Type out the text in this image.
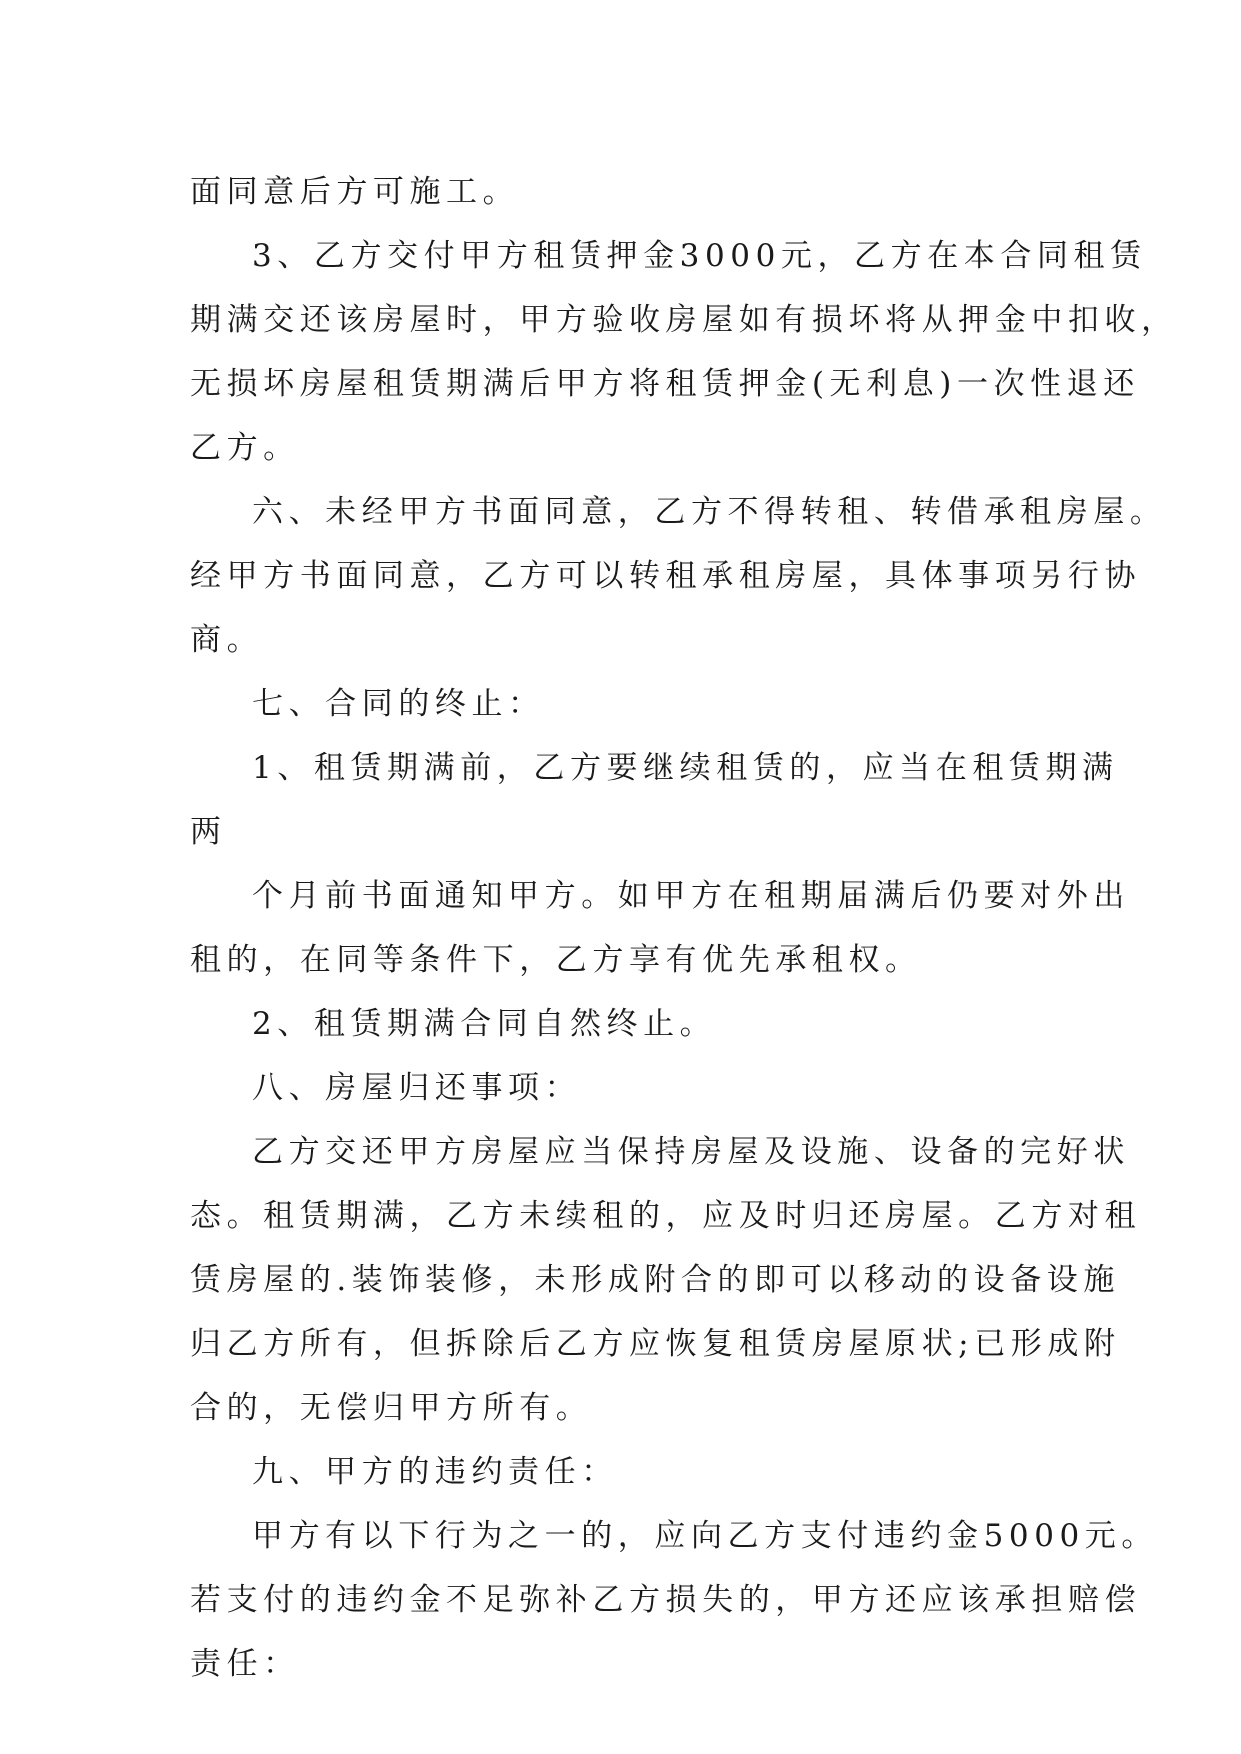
面同意后方可施工。
3、乙方交付甲方租赁押金3000元，乙方在本合同租赁
期满交还该房屋时，甲方验收房屋如有损坏将从押金中扣收，
无损坏房屋租赁期满后甲方将租赁押金(无利息)一次性退还
乙方。
六、未经甲方书面同意，乙方不得转租、转借承租房屋。
经甲方书面同意，乙方可以转租承租房屋，具体事项另行协
商。
七、合同的终止：
1、租赁期满前，乙方要继续租赁的，应当在租赁期满
两
个月前书面通知甲方。如甲方在租期届满后仍要对外出
租的，在同等条件下，乙方享有优先承租权。
2、租赁期满合同自然终止。
八、房屋归还事项：
乙方交还甲方房屋应当保持房屋及设施、设备的完好状
态。租赁期满，乙方未续租的，应及时归还房屋。乙方对租
赁房屋的.装饰装修，未形成附合的即可以移动的设备设施
归乙方所有，但拆除后乙方应恢复租赁房屋原状;已形成附
合的，无偿归甲方所有。
九、甲方的违约责任：
甲方有以下行为之一的，应向乙方支付违约金5000元。
若支付的违约金不足弥补乙方损失的，甲方还应该承担赔偿
责任：
